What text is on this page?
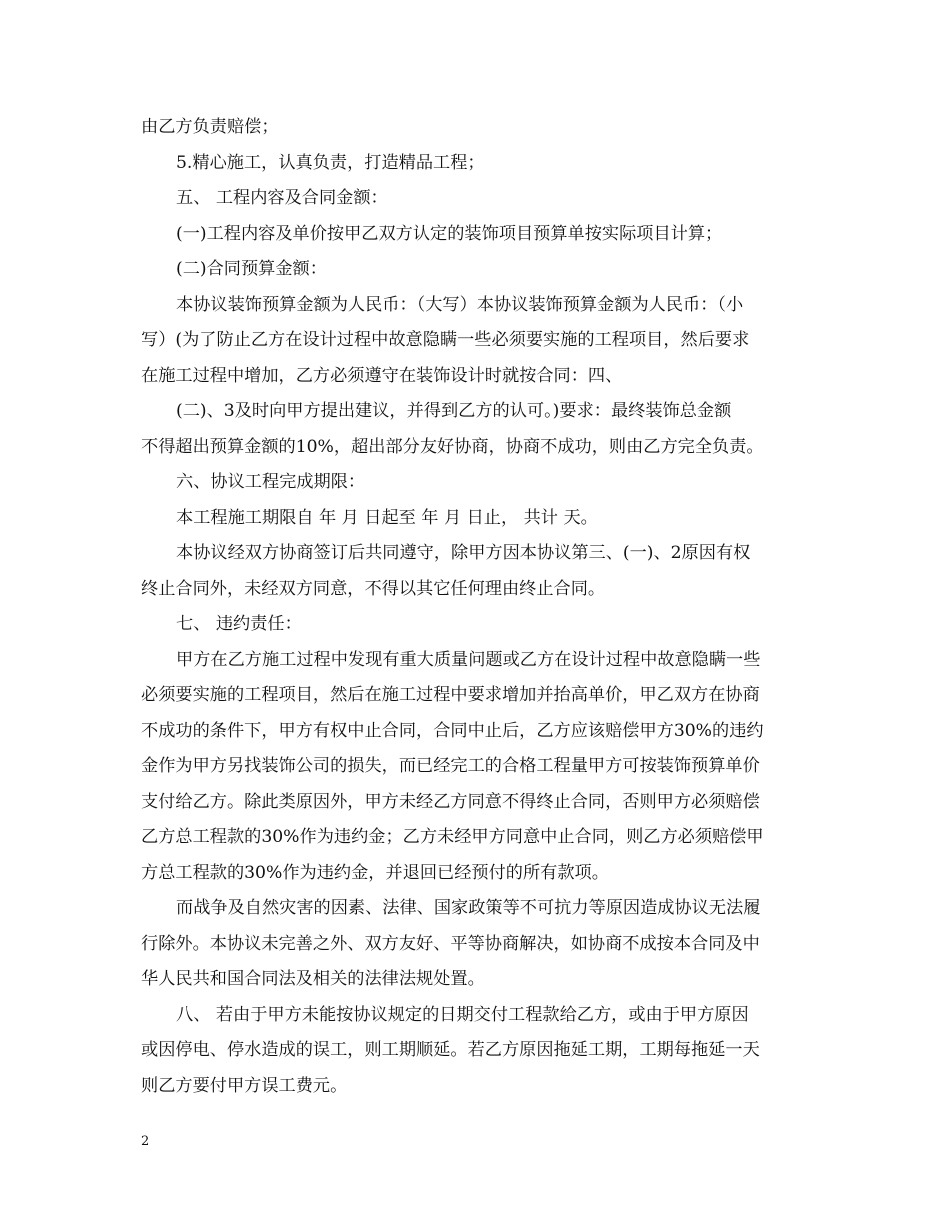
由乙方负责赔偿；
5.精心施工，认真负责，打造精品工程；
五、 工程内容及合同金额：
(一)工程内容及单价按甲乙双方认定的装饰项目预算单按实际项目计算；
(二)合同预算金额：
本协议装饰预算金额为人民币：（大写）本协议装饰预算金额为人民币：（小
写）(为了防止乙方在设计过程中故意隐瞒一些必须要实施的工程项目，然后要求
在施工过程中增加，乙方必须遵守在装饰设计时就按合同：四、
(二)、3及时向甲方提出建议，并得到乙方的认可。)要求：最终装饰总金额
不得超出预算金额的10%，超出部分友好协商，协商不成功，则由乙方完全负责。
六、协议工程完成期限：
本工程施工期限自 年 月 日起至 年 月 日止， 共计 天。
本协议经双方协商签订后共同遵守，除甲方因本协议第三、(一)、2原因有权
终止合同外，未经双方同意，不得以其它任何理由终止合同。
七、 违约责任：
甲方在乙方施工过程中发现有重大质量问题或乙方在设计过程中故意隐瞒一些
必须要实施的工程项目，然后在施工过程中要求增加并抬高单价，甲乙双方在协商
不成功的条件下，甲方有权中止合同，合同中止后，乙方应该赔偿甲方30%的违约
金作为甲方另找装饰公司的损失，而已经完工的合格工程量甲方可按装饰预算单价
支付给乙方。除此类原因外，甲方未经乙方同意不得终止合同，否则甲方必须赔偿
乙方总工程款的30%作为违约金；乙方未经甲方同意中止合同，则乙方必须赔偿甲
方总工程款的30%作为违约金，并退回已经预付的所有款项。
而战争及自然灾害的因素、法律、国家政策等不可抗力等原因造成协议无法履
行除外。本协议未完善之外、双方友好、平等协商解决，如协商不成按本合同及中
华人民共和国合同法及相关的法律法规处置。
八、 若由于甲方未能按协议规定的日期交付工程款给乙方，或由于甲方原因
或因停电、停水造成的误工，则工期顺延。若乙方原因拖延工期，工期每拖延一天
则乙方要付甲方误工费元。
2
